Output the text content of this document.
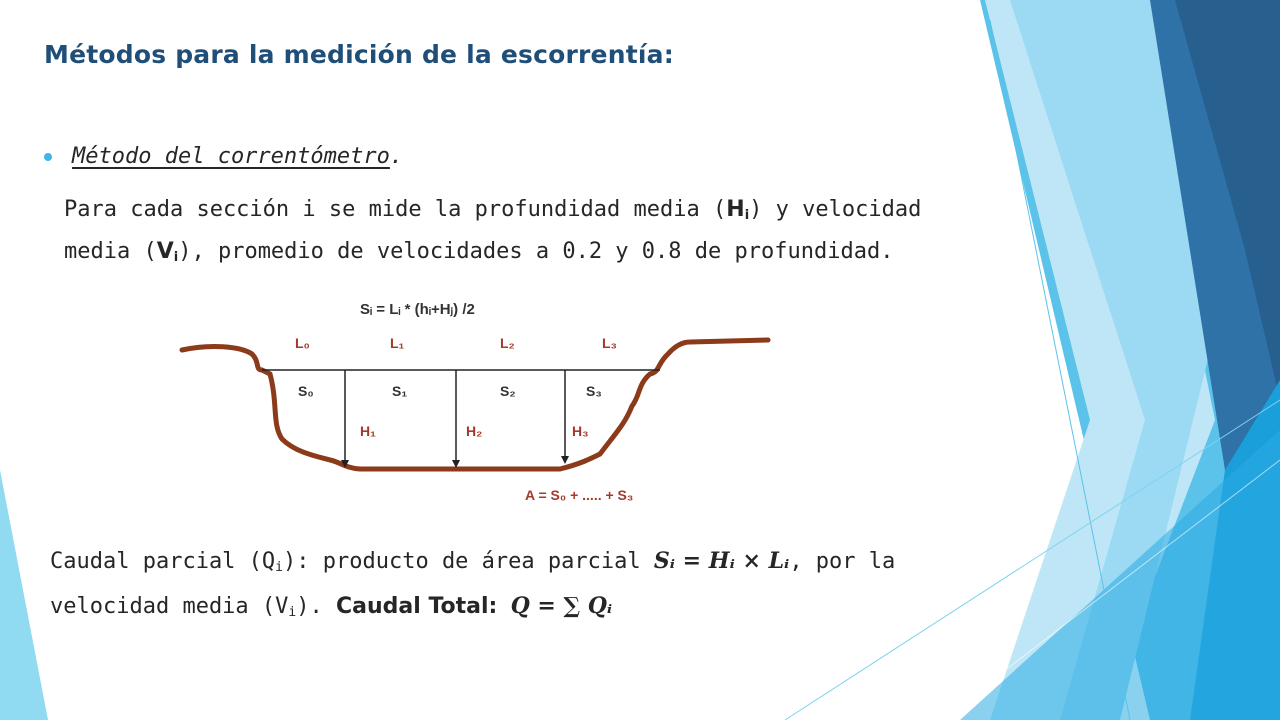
Métodos para la medición de la escorrentía:
Método del correntómetro.
Para cada sección i se mide la profundidad media $(H_i)$ y velocidad media $(V_i)$, promedio de velocidades a 0.2 y 0.8 de profundidad.
Sᵢ = Lᵢ * (hᵢ+Hⱼ) /2
L₀	L₁	L₂	L₃
S₀	S₁	S₂	S₃
H₁	H₂	H₃
A = S₀ + ..... + S₃
Caudal parcial $(Q_i)$: producto de área parcial 𝑺ᵢ = 𝑯ᵢ × 𝑳ᵢ, por la velocidad media $(V_i)$. Caudal Total: 𝑸 = ∑ 𝑸ᵢ
